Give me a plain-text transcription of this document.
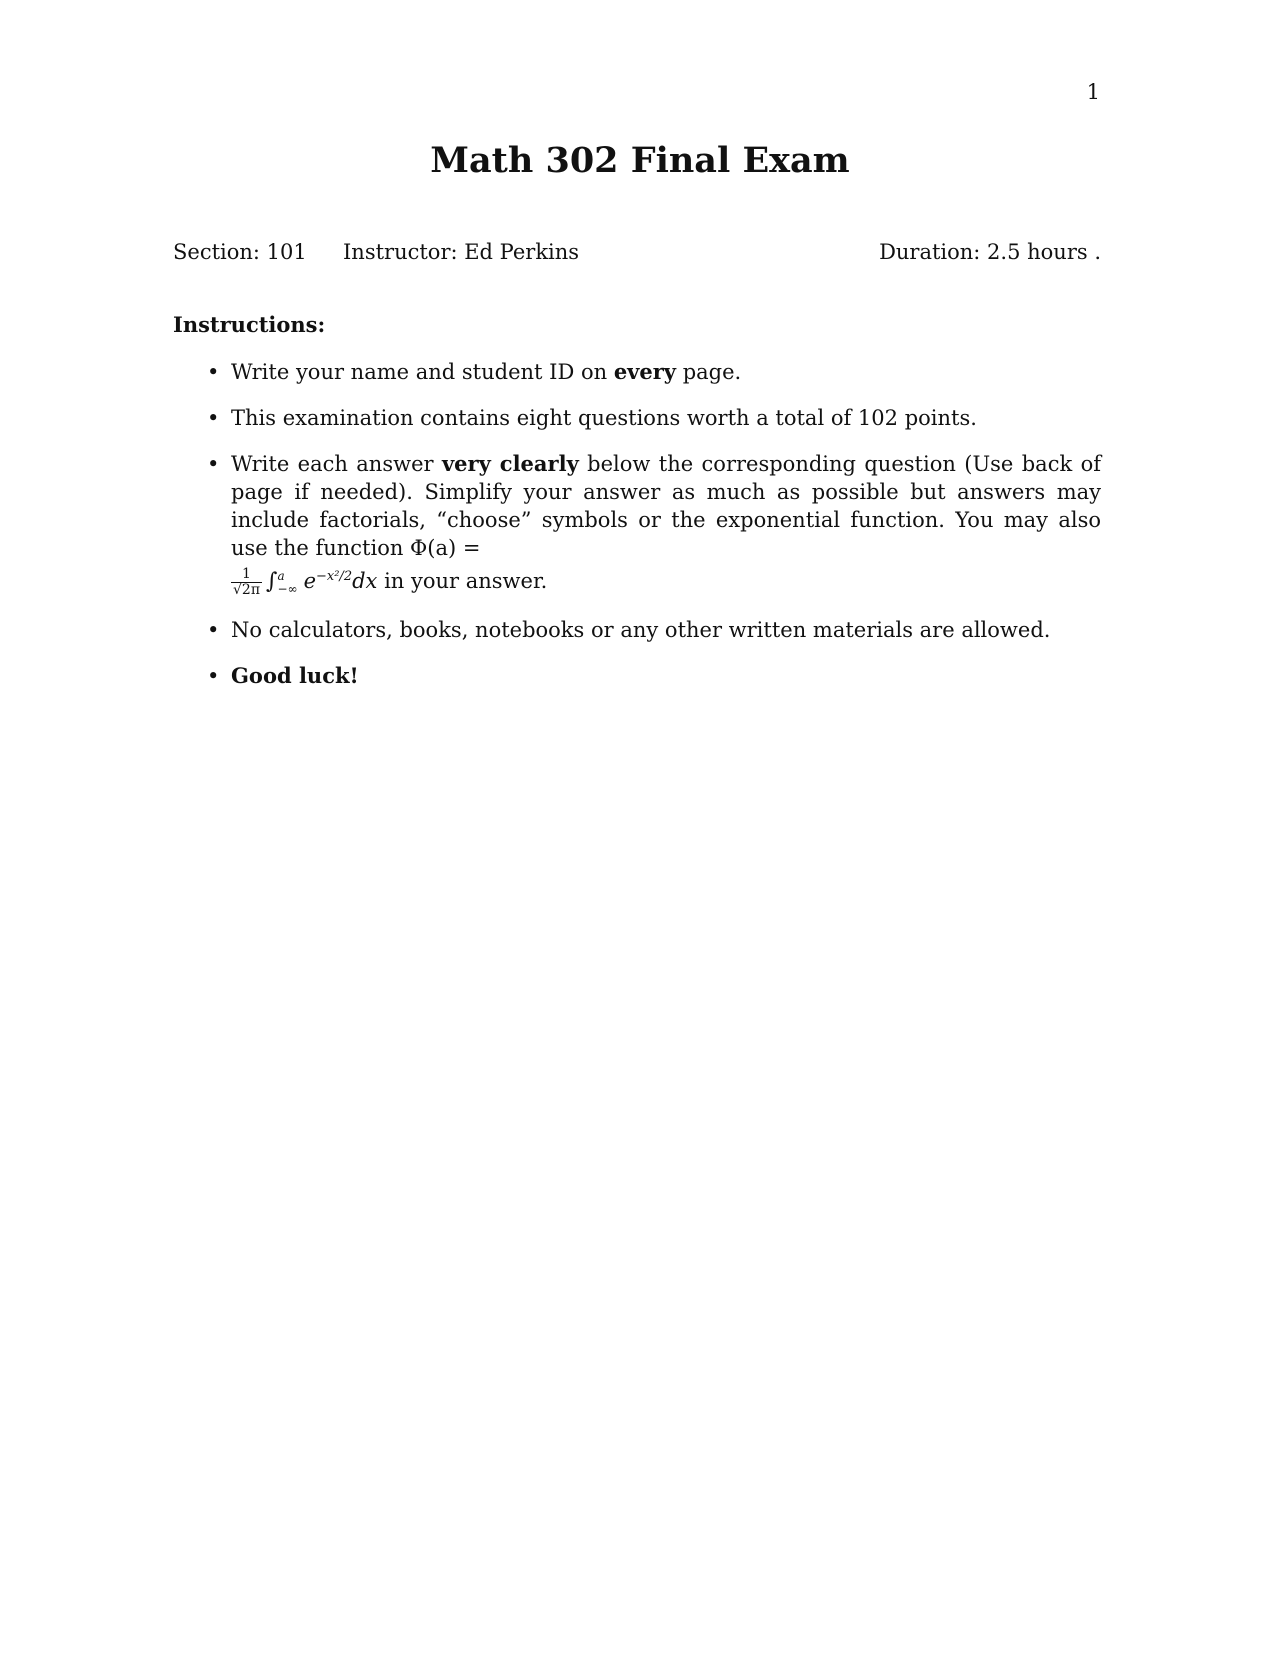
1
Math 302 Final Exam
Section: 101 Instructor: Ed Perkins	Duration: 2.5 hours .
Instructions:
• Write your name and student ID on every page.
• This examination contains eight questions worth a total of 102 points.
• Write each answer very clearly below the corresponding question (Use back of page if needed). Simplify your answer as much as possible but answers may include factorials, “choose” symbols or the exponential function. You may also use the function Φ(a) =
$\frac{1}{√2\pi}$ ∫ a
−∞ $e^{-x^2/2}dx$ in your answer.
• No calculators, books, notebooks or any other written materials are allowed.
• Good luck!
